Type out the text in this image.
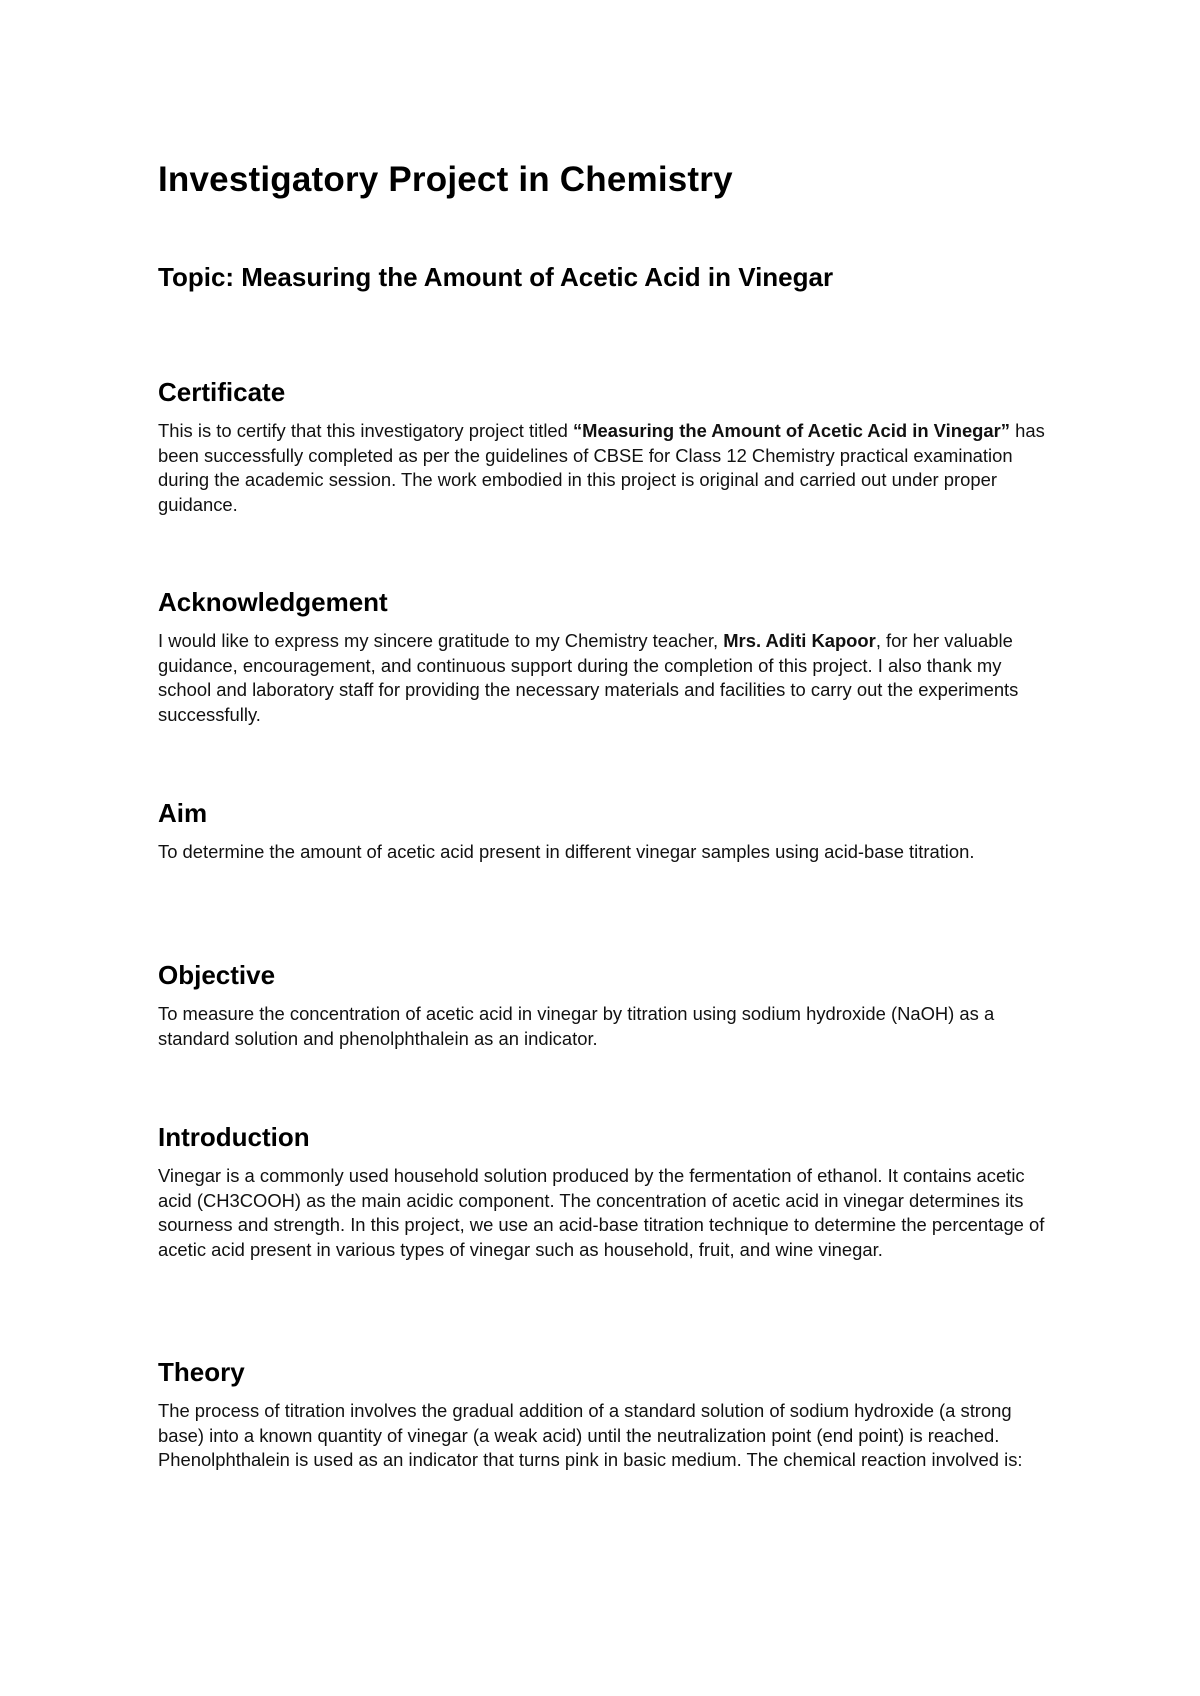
Investigatory Project in Chemistry
Topic: Measuring the Amount of Acetic Acid in Vinegar
Certificate

This is to certify that this investigatory project titled “Measuring the Amount of Acetic Acid in Vinegar” has been successfully completed as per the guidelines of CBSE for Class 12 Chemistry practical examination during the academic session. The work embodied in this project is original and carried out under proper guidance.

Acknowledgement

I would like to express my sincere gratitude to my Chemistry teacher, Mrs. Aditi Kapoor, for her valuable guidance, encouragement, and continuous support during the completion of this project. I also thank my school and laboratory staff for providing the necessary materials and facilities to carry out the experiments successfully.

Aim

To determine the amount of acetic acid present in different vinegar samples using acid-base titration.

Objective

To measure the concentration of acetic acid in vinegar by titration using sodium hydroxide (NaOH) as a standard solution and phenolphthalein as an indicator.

Introduction

Vinegar is a commonly used household solution produced by the fermentation of ethanol. It contains acetic acid (CH3COOH) as the main acidic component. The concentration of acetic acid in vinegar determines its sourness and strength. In this project, we use an acid-base titration technique to determine the percentage of acetic acid present in various types of vinegar such as household, fruit, and wine vinegar.

Theory

The process of titration involves the gradual addition of a standard solution of sodium hydroxide (a strong base) into a known quantity of vinegar (a weak acid) until the neutralization point (end point) is reached. Phenolphthalein is used as an indicator that turns pink in basic medium. The chemical reaction involved is:
